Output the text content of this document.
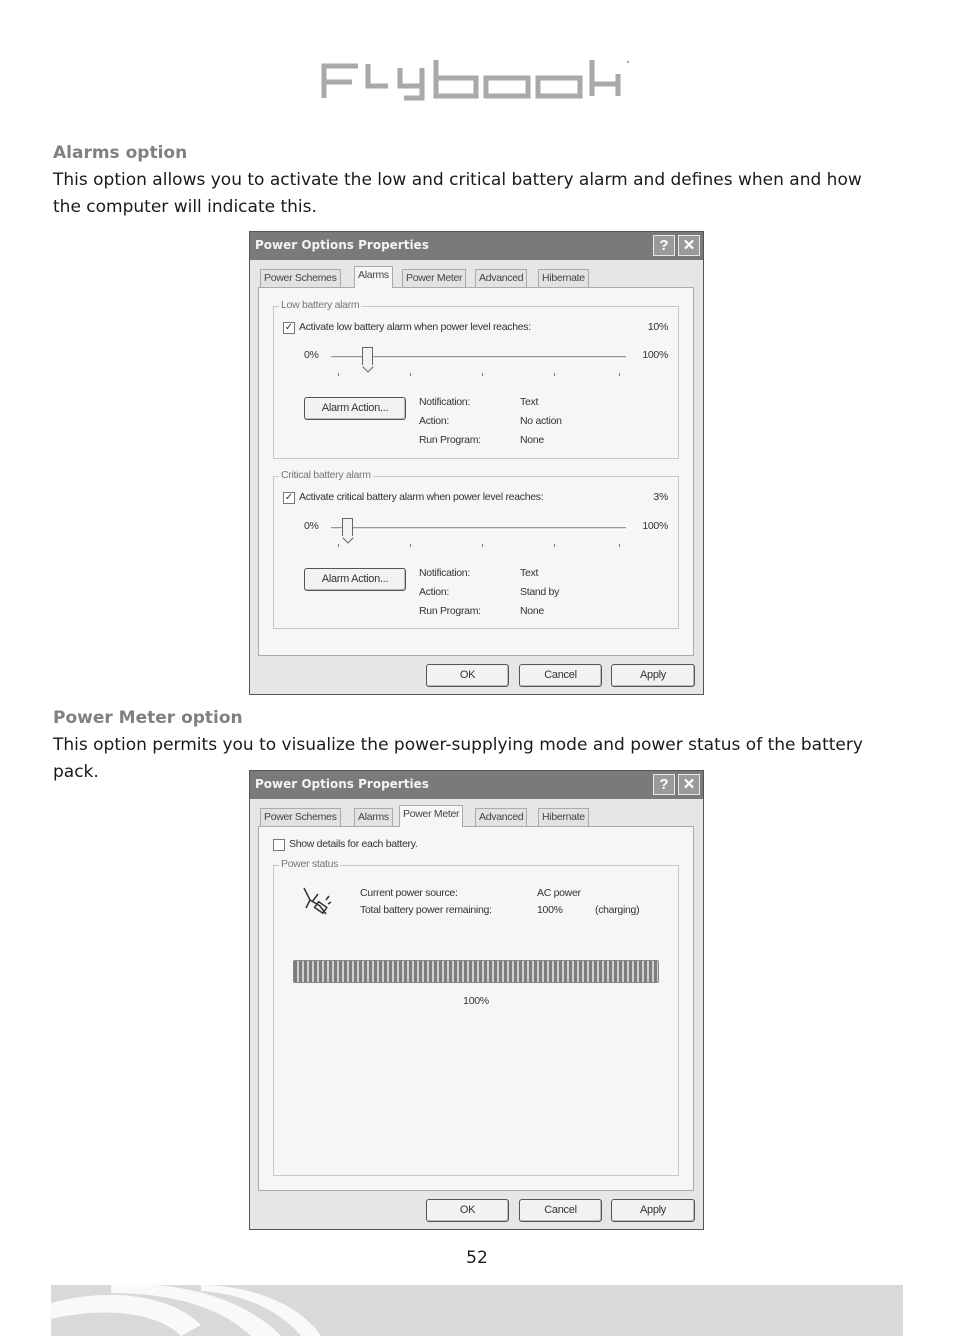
Alarms option
This option allows you to activate the low and critical battery alarm and defines when and how the computer will indicate this.
Power Options Properties	? ✕
Power Schemes	Alarms	Power Meter	Advanced	Hibernate
Low battery alarm
✓ Activate low battery alarm when power level reaches:	10%
0%	100%
Alarm Action...	Notification:	Text
Action:	No action
Run Program:	None
Critical battery alarm
✓ Activate critical battery alarm when power level reaches:	3%
0%	100%
Alarm Action...	Notification:	Text
Action:	Stand by
Run Program:	None
OK	Cancel	Apply
Power Meter option
This option permits you to visualize the power-supplying mode and power status of the battery pack.
Power Options Properties	? ✕
Power Schemes	Alarms	Power Meter	Advanced	Hibernate
Show details for each battery.
Power status
Current power source:	AC power
Total battery power remaining:	100%	(charging)
100%
OK	Cancel	Apply
52
